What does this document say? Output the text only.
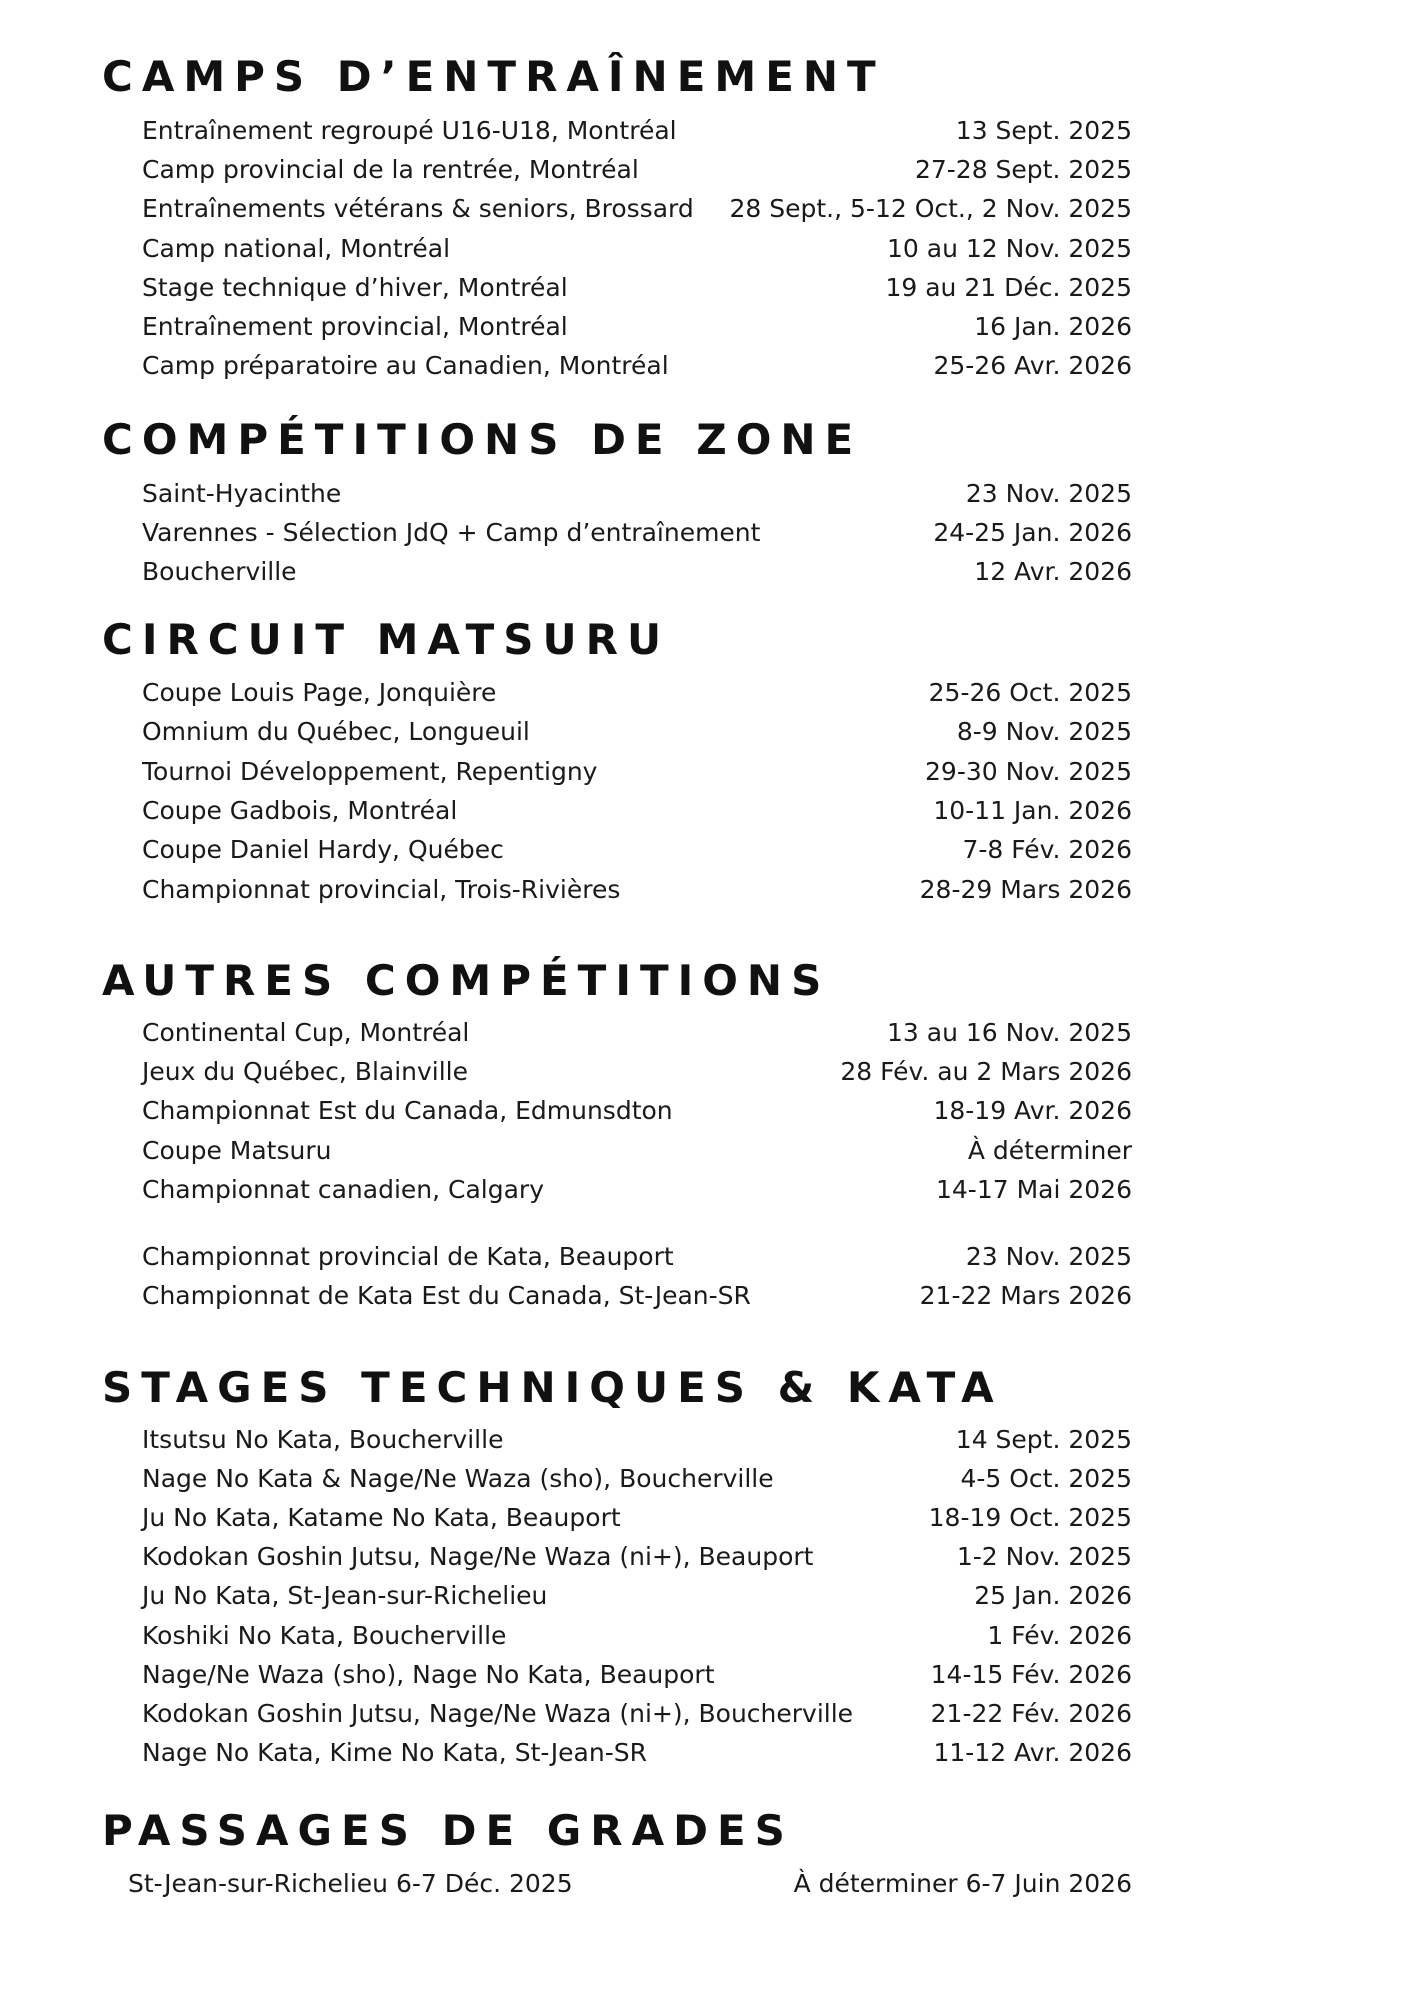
CAMPS D’ENTRAÎNEMENT
Entraînement regroupé U16-U18, Montréal	13 Sept. 2025
Camp provincial de la rentrée, Montréal	27-28 Sept. 2025
Entraînements vétérans & seniors, Brossard 28 Sept., 5-12 Oct., 2 Nov. 2025
Camp national, Montréal	10 au 12 Nov. 2025
Stage technique d’hiver, Montréal	19 au 21 Déc. 2025
Entraînement provincial, Montréal	16 Jan. 2026
Camp préparatoire au Canadien, Montréal	25-26 Avr. 2026
COMPÉTITIONS DE ZONE
Saint-Hyacinthe	23 Nov. 2025
Varennes - Sélection JdQ + Camp d’entraînement	24-25 Jan. 2026
Boucherville	12 Avr. 2026
CIRCUIT MATSURU
Coupe Louis Page, Jonquière	25-26 Oct. 2025
Omnium du Québec, Longueuil	8-9 Nov. 2025
Tournoi Développement, Repentigny	29-30 Nov. 2025
Coupe Gadbois, Montréal	10-11 Jan. 2026
Coupe Daniel Hardy, Québec	7-8 Fév. 2026
Championnat provincial, Trois-Rivières	28-29 Mars 2026
AUTRES COMPÉTITIONS
Continental Cup, Montréal	13 au 16 Nov. 2025
Jeux du Québec, Blainville	28 Fév. au 2 Mars 2026
Championnat Est du Canada, Edmunsdton	18-19 Avr. 2026
Coupe Matsuru	À déterminer
Championnat canadien, Calgary	14-17 Mai 2026
Championnat provincial de Kata, Beauport	23 Nov. 2025
Championnat de Kata Est du Canada, St-Jean-SR	21-22 Mars 2026
STAGES TECHNIQUES & KATA
Itsutsu No Kata, Boucherville	14 Sept. 2025
Nage No Kata & Nage/Ne Waza (sho), Boucherville	4-5 Oct. 2025
Ju No Kata, Katame No Kata, Beauport	18-19 Oct. 2025
Kodokan Goshin Jutsu, Nage/Ne Waza (ni+), Beauport	1-2 Nov. 2025
Ju No Kata, St-Jean-sur-Richelieu	25 Jan. 2026
Koshiki No Kata, Boucherville	1 Fév. 2026
Nage/Ne Waza (sho), Nage No Kata, Beauport	14-15 Fév. 2026
Kodokan Goshin Jutsu, Nage/Ne Waza (ni+), Boucherville	21-22 Fév. 2026
Nage No Kata, Kime No Kata, St-Jean-SR	11-12 Avr. 2026
PASSAGES DE GRADES
St-Jean-sur-Richelieu 6-7 Déc. 2025	À déterminer 6-7 Juin 2026
